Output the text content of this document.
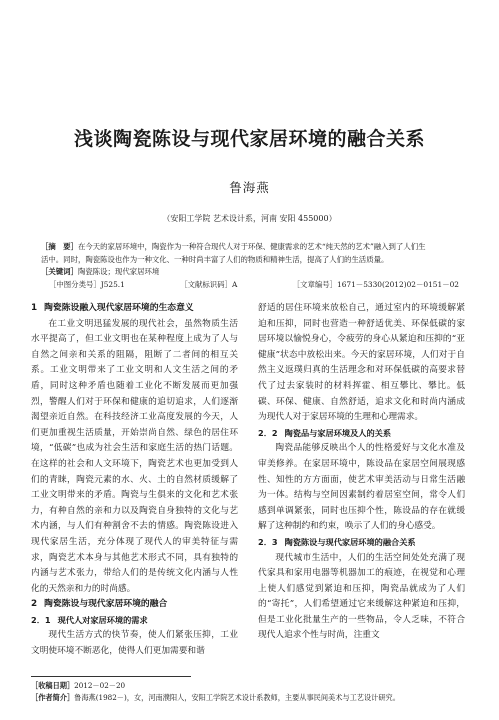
浅谈陶瓷陈设与现代家居环境的融合关系
鲁海燕
（安阳工学院 艺术设计系，河南 安阳 455000）
［摘　要］在今天的家居环境中，陶瓷作为一种符合现代人对于环保、健康需求的艺术“纯天然的艺术”融入到了人们生
活中。同时，陶瓷陈设也作为一种文化、一种时尚丰富了人们的物质和精神生活，提高了人们的生活质量。
［关键词］陶瓷陈设；现代家居环境
［中图分类号］J525.1	［文献标识码］A	［文章编号］1671－5330(2012)02－0151－02
1 陶瓷陈设融入现代家居环境的生态意义

在工业文明迅猛发展的现代社会，虽然物质生活水平提高了，但工业文明也在某种程度上成为了人与自然之间亲和关系的阻隔，阻断了二者间的相互关系。工业文明带来了工业文明和人文生活之间的矛盾，同时这种矛盾也随着工业化不断发展而更加强烈，警醒人们对于环保和健康的追切追求，人们逐渐渴望亲近自然。在科技经济工业高度发展的今天，人们更加重视生活质量，开始崇尚自然、绿色的居住环境，“低碳”也成为社会生活和家庭生活的热门话题。在这样的社会和人文环境下，陶瓷艺术也更加受到人们的青睐，陶瓷元素的水、火、土的自然材质缓解了工业文明带来的矛盾。陶瓷与生俱来的文化和艺术张力，有种自然的亲和力以及陶瓷自身独特的文化与艺术内涵，与人们有种割舍不去的情感。陶瓷陈设进入现代家居生活，充分体现了现代人的审美特征与需求，陶瓷艺术本身与其他艺术形式不同，具有独特的内涵与艺术张力，带给人们的是传统文化内涵与人性化的天然亲和力的时尚感。

2 陶瓷陈设与现代家居环境的融合
2．1 现代人对家居环境的需求

现代生活方式的快节奏，使人们紧张压抑，工业文明使环境不断恶化，使得人们更加需要和谐

舒适的居住环境来放松自己，通过室内的环境缓解紧迫和压抑，同时也营造一种舒适优美、环保低碳的家居环境以愉悦身心，令疲劳的身心从紧迫和压抑的“亚健康”状态中放松出来。今天的家居环境，人们对于自然主义返璞归真的生活理念和对环保低碳的高要求替代了过去家装时的材料挥霍、相互攀比、攀比。低碳、环保、健康、自然舒适，追求文化和时尚内涵成为现代人对于家居环境的生理和心理需求。

2．2 陶瓷品与家居环境及人的关系

陶瓷品能够反映出个人的性格爱好与文化水准及审美修养。在家居环境中，陈设品在家居空间展现感性、知性的方方面面，使艺术审美活动与日常生活融为一体。结构与空间因素制约着居室空间，常令人们感到单调紧张，同时也压抑个性，陈设品的存在就缓解了这种制约和约束，唤示了人们的身心感受。

2．3 陶瓷陈设与现代家居环境的融合关系

现代城市生活中，人们的生活空间处处充满了现代家具和家用电器等机器加工的痕迹，在视觉和心理上使人们感觉到紧迫和压抑，陶瓷品就成为了人们的“寄托”，人们希望通过它来缓解这种紧迫和压抑，但是工业化批量生产的一些物品，令人乏味，不符合现代人追求个性与时尚，注重文

［收稿日期］2012－02－20
［作者简介］鲁海燕(1982－)，女，河南濮阳人，安阳工学院艺术设计系教师，主要从事民间美术与工艺设计研究。
